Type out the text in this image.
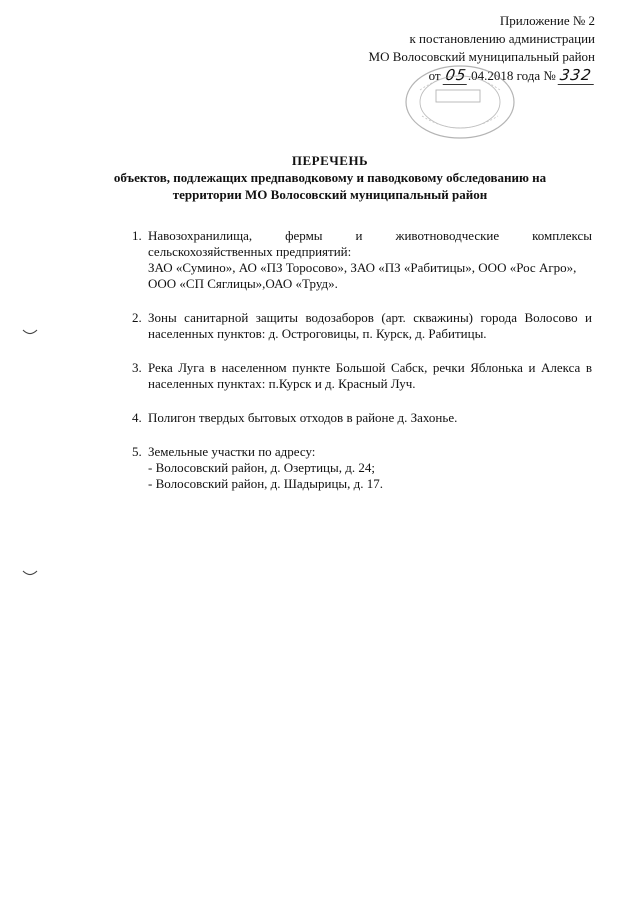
Приложение № 2
к постановлению администрации
МО Волосовский муниципальный район
от 05.04.2018 года № 332
ПЕРЕЧЕНЬ
объектов, подлежащих предпаводковому и паводковому обследованию на
территории МО Волосовский муниципальный район
1. Навозохранилища, фермы и животноводческие комплексы
сельскохозяйственных предприятий:
ЗАО «Сумино», АО «ПЗ Торосово», ЗАО «ПЗ «Рабитицы», ООО «Рос Агро»,
ООО «СП Сяглицы»,ОАО «Труд».
2. Зоны санитарной защиты водозаборов (арт. скважины) города Волосово и
населенных пунктов: д. Остроговицы, п. Курск, д. Рабитицы.
3. Река Луга в населенном пункте Большой Сабск, речки Яблонька и Алекса в
населенных пунктах: п.Курск и д. Красный Луч.
4. Полигон твердых бытовых отходов в районе д. Захонье.
5. Земельные участки по адресу:
- Волосовский район, д. Озертицы, д. 24;
- Волосовский район, д. Шадырицы, д. 17.
